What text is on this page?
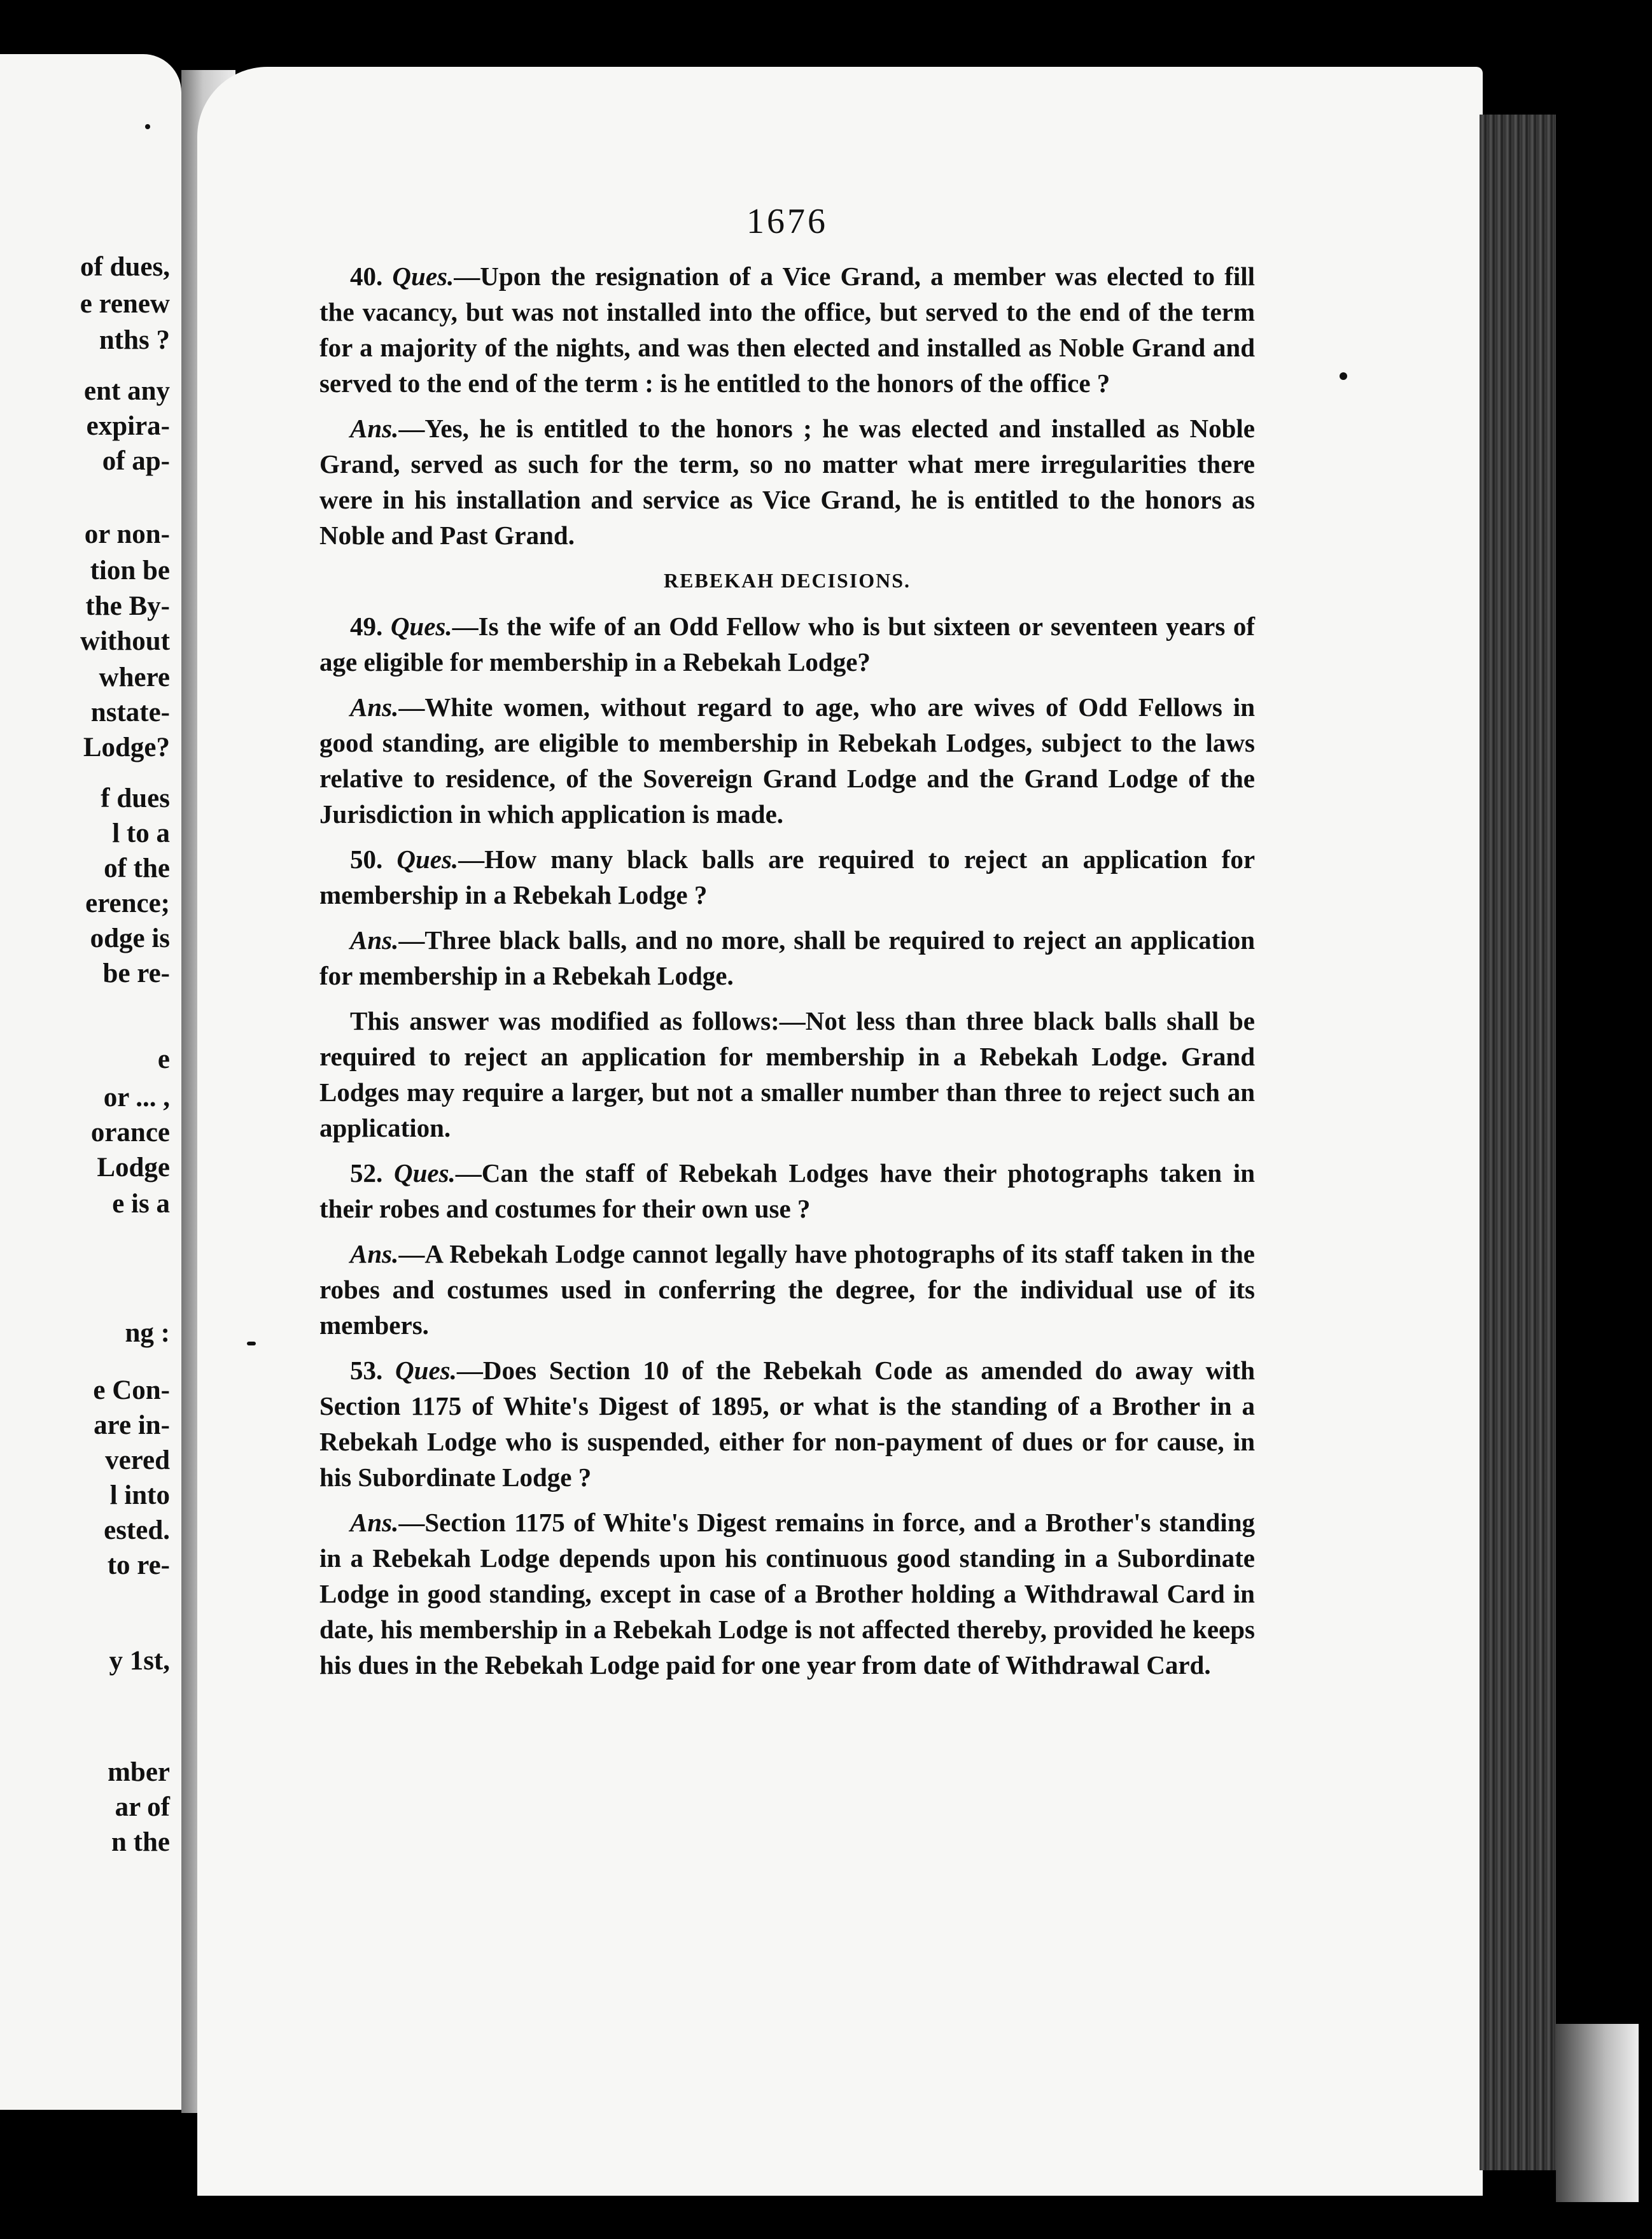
of dues,
e renew
nths ?
ent any
expira-
of ap-
or non-
tion be
the By-
without
where
nstate-
Lodge?
f dues
l to a
of the
erence;
odge is
be re-
e
or ... ,
orance
Lodge
e is a
ng :
e Con-
are in-
vered
l into
ested.
to re-
y 1st,
mber
ar of
n the
1676

40. Ques.—Upon the resignation of a Vice Grand, a member was elected to fill the vacancy, but was not installed into the office, but served to the end of the term for a majority of the nights, and was then elected and installed as Noble Grand and served to the end of the term : is he entitled to the honors of the office ?

Ans.—Yes, he is entitled to the honors ; he was elected and installed as Noble Grand, served as such for the term, so no matter what mere irregularities there were in his installation and service as Vice Grand, he is entitled to the honors as Noble and Past Grand.

REBEKAH DECISIONS.

49. Ques.—Is the wife of an Odd Fellow who is but sixteen or seventeen years of age eligible for membership in a Rebekah Lodge?

Ans.—White women, without regard to age, who are wives of Odd Fellows in good standing, are eligible to membership in Rebekah Lodges, subject to the laws relative to residence, of the Sovereign Grand Lodge and the Grand Lodge of the Jurisdiction in which application is made.

50. Ques.—How many black balls are required to reject an application for membership in a Rebekah Lodge ?

Ans.—Three black balls, and no more, shall be required to reject an application for membership in a Rebekah Lodge.

This answer was modified as follows:—Not less than three black balls shall be required to reject an application for membership in a Rebekah Lodge. Grand Lodges may require a larger, but not a smaller number than three to reject such an application.

52. Ques.—Can the staff of Rebekah Lodges have their photographs taken in their robes and costumes for their own use ?

Ans.—A Rebekah Lodge cannot legally have photographs of its staff taken in the robes and costumes used in conferring the degree, for the individual use of its members.

53. Ques.—Does Section 10 of the Rebekah Code as amended do away with Section 1175 of White's Digest of 1895, or what is the standing of a Brother in a Rebekah Lodge who is suspended, either for non-payment of dues or for cause, in his Subordinate Lodge ?

Ans.—Section 1175 of White's Digest remains in force, and a Brother's standing in a Rebekah Lodge depends upon his continuous good standing in a Subordinate Lodge in good standing, except in case of a Brother holding a Withdrawal Card in date, his membership in a Rebekah Lodge is not affected thereby, provided he keeps his dues in the Rebekah Lodge paid for one year from date of Withdrawal Card.
